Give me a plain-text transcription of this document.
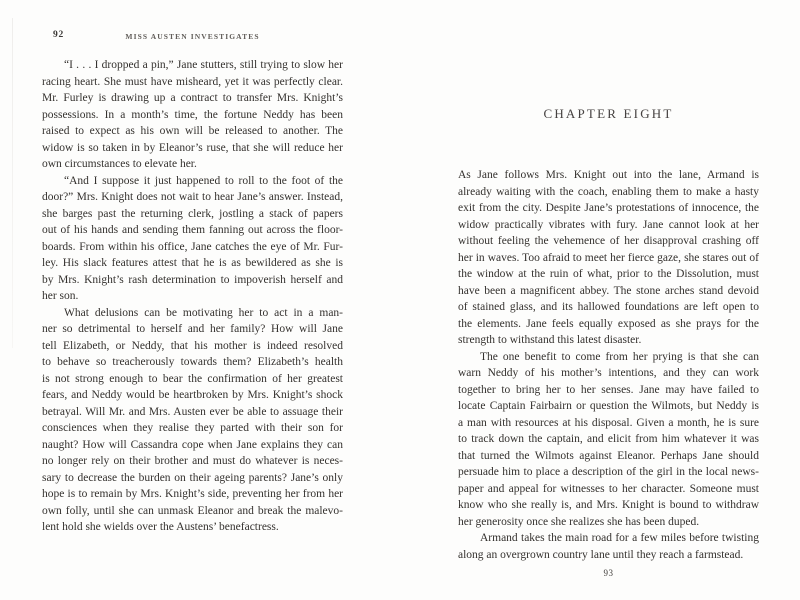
92	MISS AUSTEN INVESTIGATES
“I . . . I dropped a pin,” Jane stutters, still trying to slow her
racing heart. She must have misheard, yet it was perfectly clear.
Mr. Furley is drawing up a contract to transfer Mrs. Knight’s
possessions. In a month’s time, the fortune Neddy has been
raised to expect as his own will be released to another. The
widow is so taken in by Eleanor’s ruse, that she will reduce her
own circumstances to elevate her.
“And I suppose it just happened to roll to the foot of the
door?” Mrs. Knight does not wait to hear Jane’s answer. Instead,
she barges past the returning clerk, jostling a stack of papers
out of his hands and sending them fanning out across the floor-
boards. From within his office, Jane catches the eye of Mr. Fur-
ley. His slack features attest that he is as bewildered as she is
by Mrs. Knight’s rash determination to impoverish herself and
her son.
What delusions can be motivating her to act in a man-
ner so detrimental to herself and her family? How will Jane
tell Elizabeth, or Neddy, that his mother is indeed resolved
to behave so treacherously towards them? Elizabeth’s health
is not strong enough to bear the confirmation of her greatest
fears, and Neddy would be heartbroken by Mrs. Knight’s shock
betrayal. Will Mr. and Mrs. Austen ever be able to assuage their
consciences when they realise they parted with their son for
naught? How will Cassandra cope when Jane explains they can
no longer rely on their brother and must do whatever is neces-
sary to decrease the burden on their ageing parents? Jane’s only
hope is to remain by Mrs. Knight’s side, preventing her from her
own folly, until she can unmask Eleanor and break the malevo-
lent hold she wields over the Austens’ benefactress.
CHAPTER EIGHT
As Jane follows Mrs. Knight out into the lane, Armand is
already waiting with the coach, enabling them to make a hasty
exit from the city. Despite Jane’s protestations of innocence, the
widow practically vibrates with fury. Jane cannot look at her
without feeling the vehemence of her disapproval crashing off
her in waves. Too afraid to meet her fierce gaze, she stares out of
the window at the ruin of what, prior to the Dissolution, must
have been a magnificent abbey. The stone arches stand devoid
of stained glass, and its hallowed foundations are left open to
the elements. Jane feels equally exposed as she prays for the
strength to withstand this latest disaster.
The one benefit to come from her prying is that she can
warn Neddy of his mother’s intentions, and they can work
together to bring her to her senses. Jane may have failed to
locate Captain Fairbairn or question the Wilmots, but Neddy is
a man with resources at his disposal. Given a month, he is sure
to track down the captain, and elicit from him whatever it was
that turned the Wilmots against Eleanor. Perhaps Jane should
persuade him to place a description of the girl in the local news-
paper and appeal for witnesses to her character. Someone must
know who she really is, and Mrs. Knight is bound to withdraw
her generosity once she realizes she has been duped.
Armand takes the main road for a few miles before twisting
along an overgrown country lane until they reach a farmstead.
93
